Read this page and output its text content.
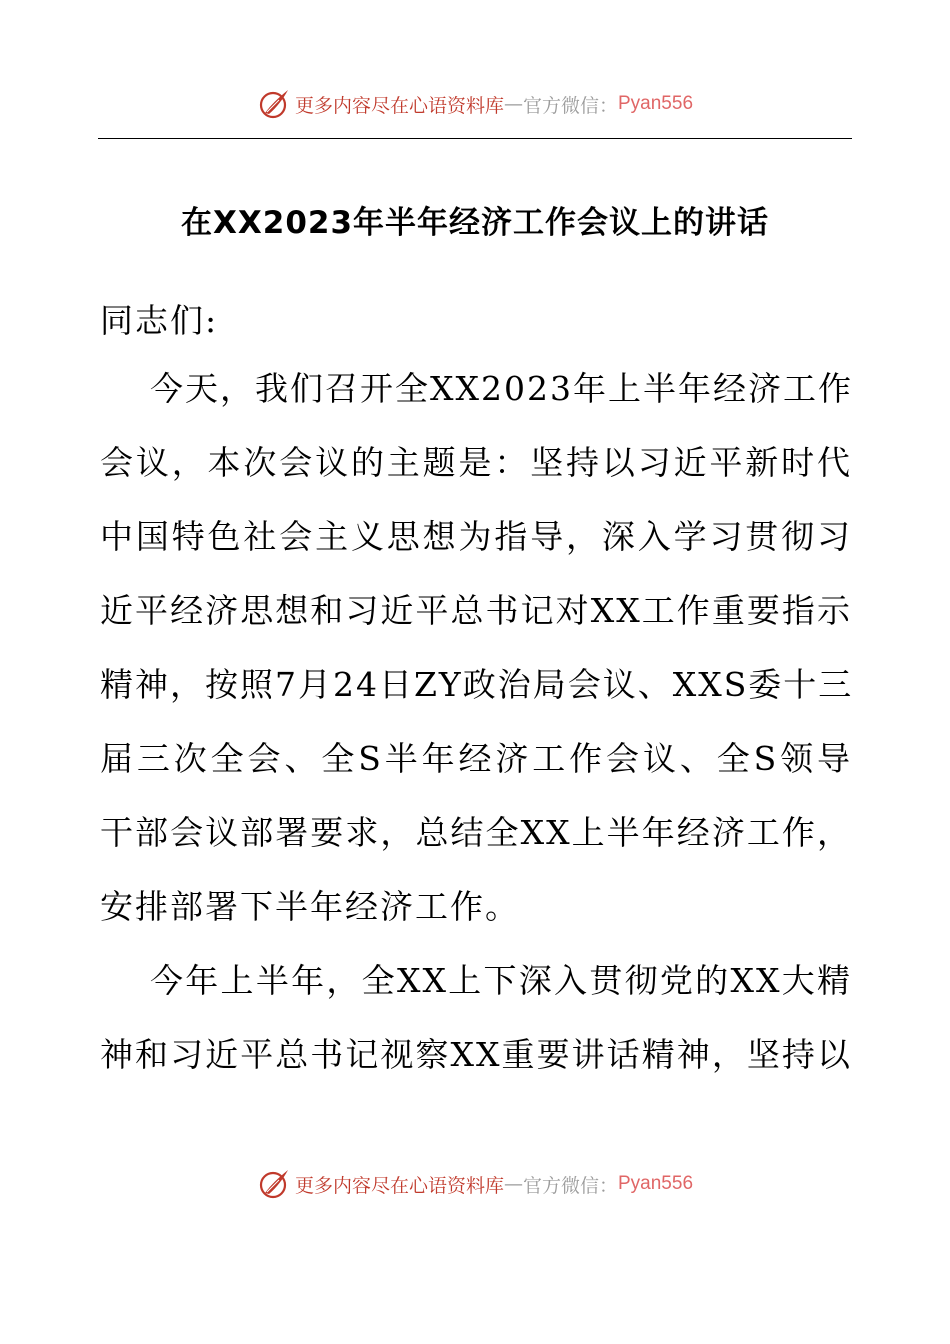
更多内容尽在心语资料库 — 官方微信： Pyan556
在XX2023年半年经济工作会议上的讲话
同志们:
今天，我们召开全XX2023年上半年经济工作
会议，本次会议的主题是：坚持以习近平新时代
中国特色社会主义思想为指导，深入学习贯彻习
近平经济思想和习近平总书记对XX工作重要指示
精神，按照7月24日ZY政治局会议、XXS委十三
届三次全会、全S半年经济工作会议、全S领导
干部会议部署要求，总结全XX上半年经济工作，
安排部署下半年经济工作。
今年上半年，全XX上下深入贯彻党的XX大精
神和习近平总书记视察XX重要讲话精神，坚持以
更多内容尽在心语资料库 — 官方微信： Pyan556
